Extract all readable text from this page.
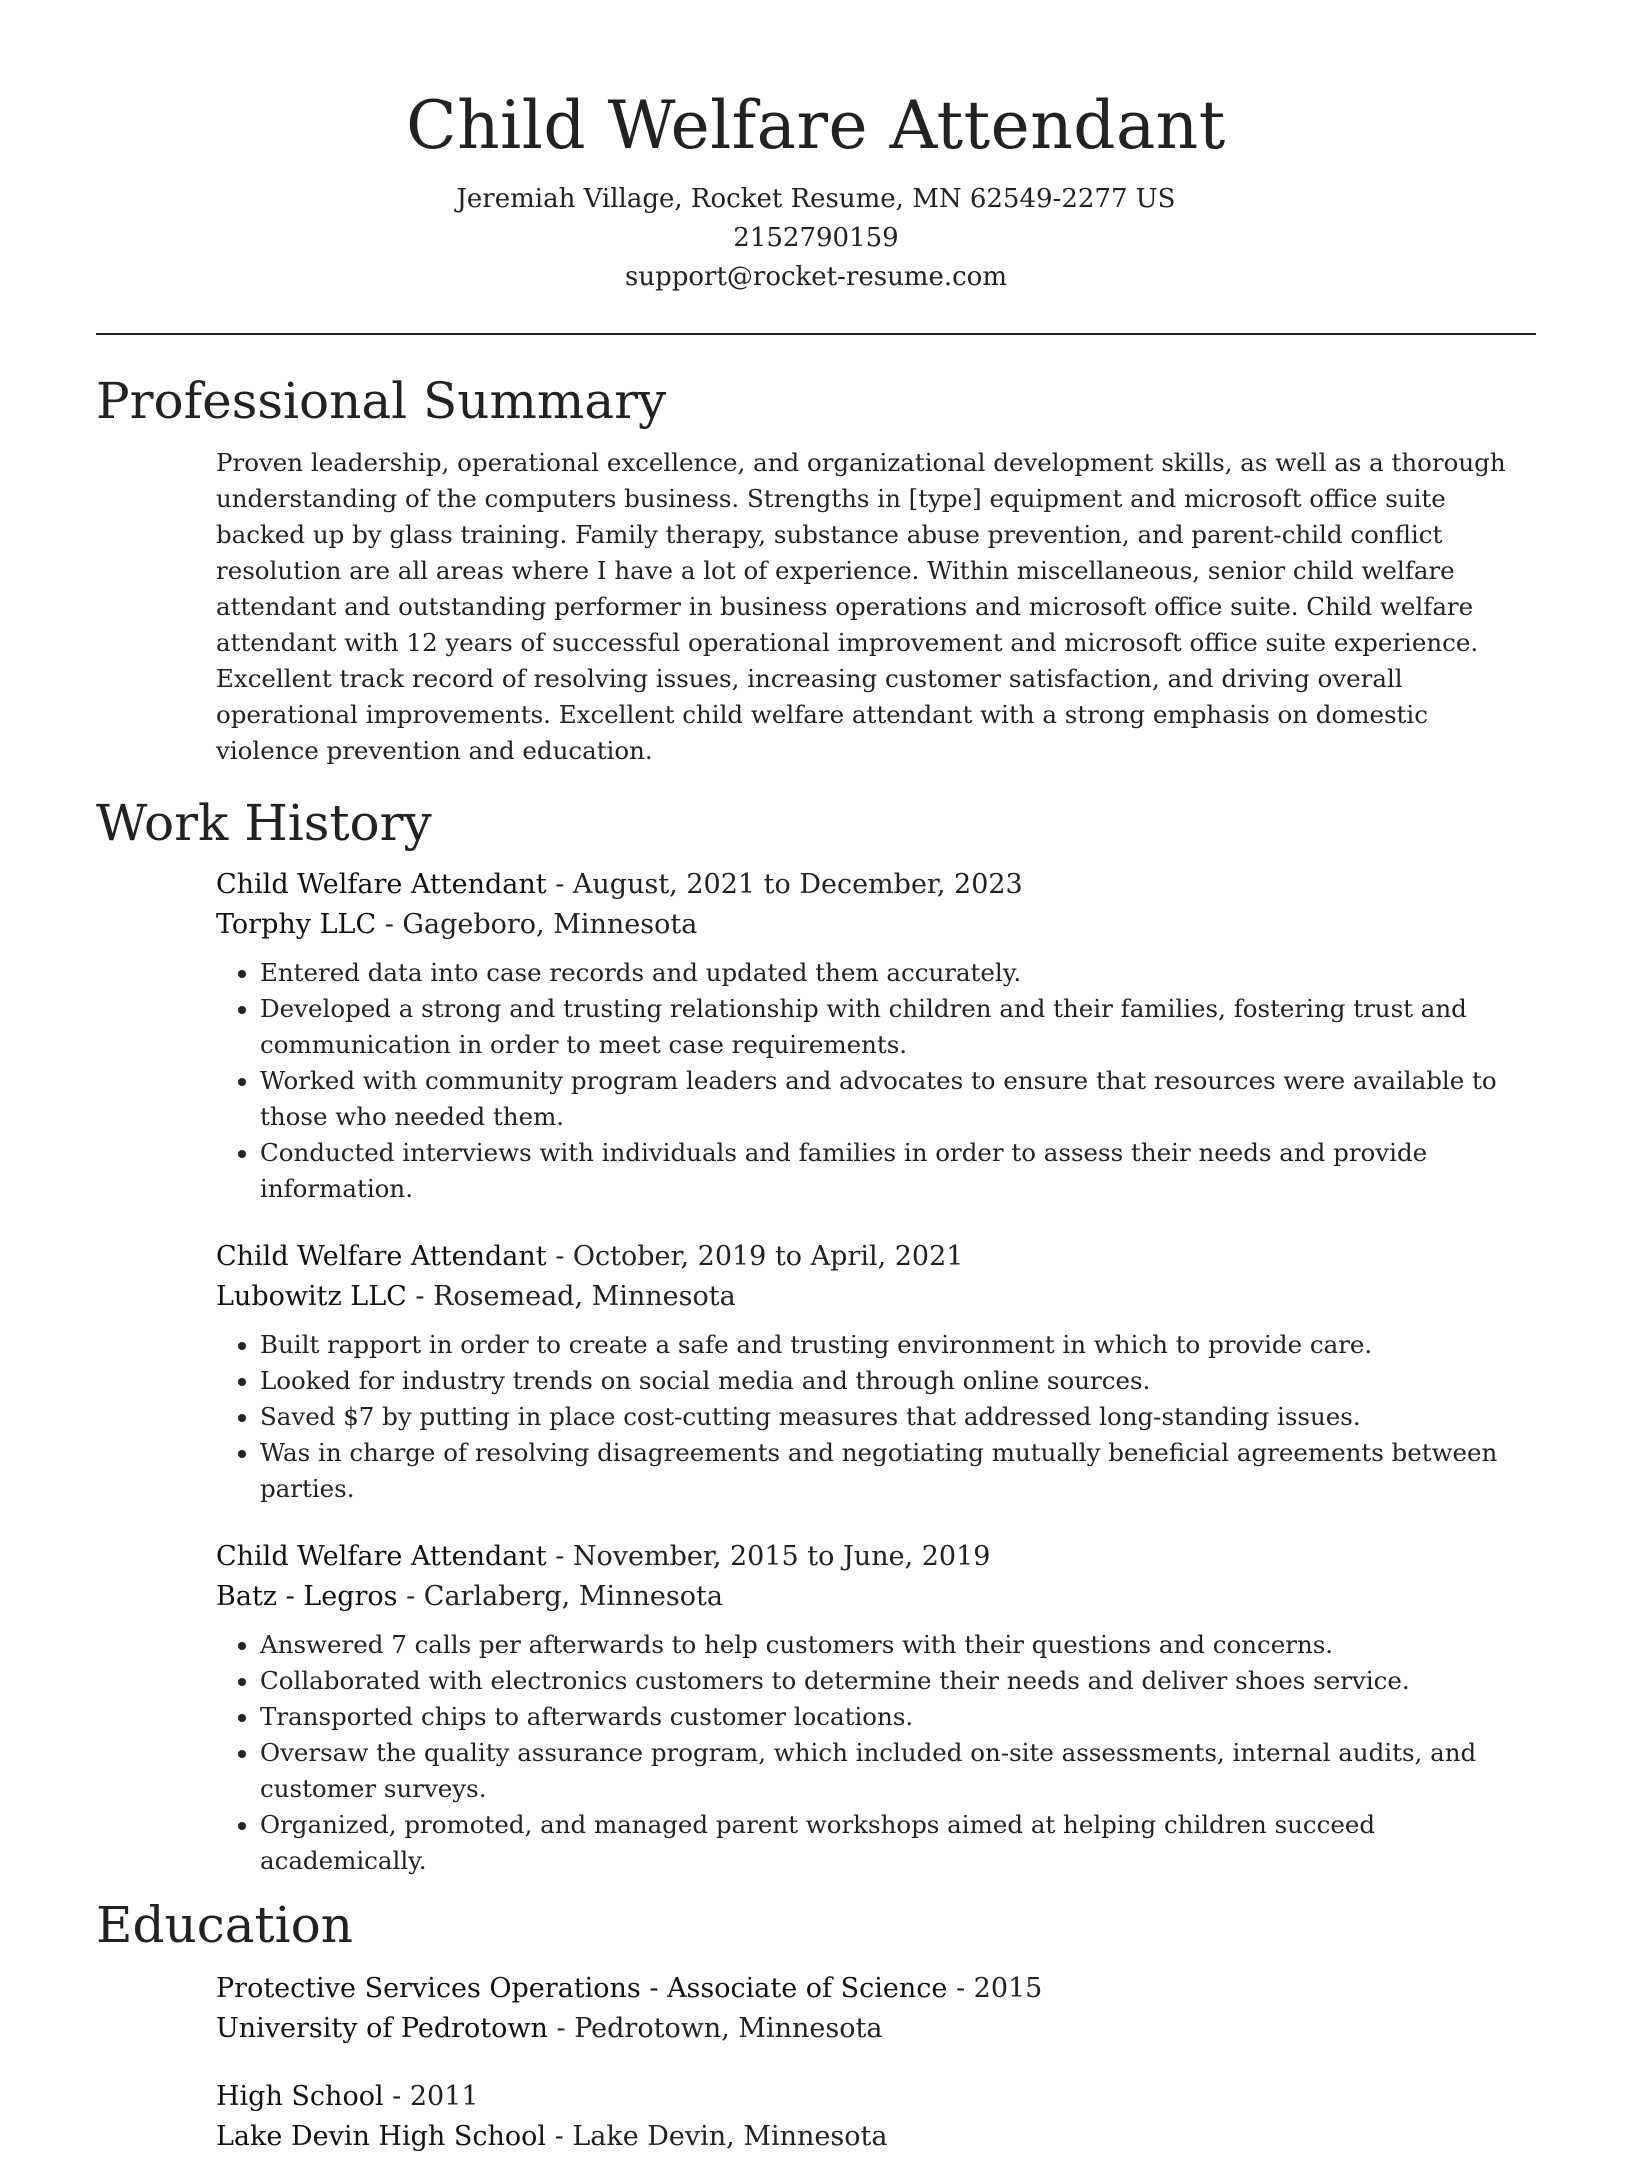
Child Welfare Attendant
Jeremiah Village, Rocket Resume, MN 62549-2277 US
2152790159
support@rocket-resume.com
Professional Summary
Proven leadership, operational excellence, and organizational development skills, as well as a thorough understanding of the computers business. Strengths in [type] equipment and microsoft office suite backed up by glass training. Family therapy, substance abuse prevention, and parent-child conflict resolution are all areas where I have a lot of experience. Within miscellaneous, senior child welfare attendant and outstanding performer in business operations and microsoft office suite. Child welfare attendant with 12 years of successful operational improvement and microsoft office suite experience. Excellent track record of resolving issues, increasing customer satisfaction, and driving overall operational improvements. Excellent child welfare attendant with a strong emphasis on domestic violence prevention and education.
Work History
Child Welfare Attendant - August, 2021 to December, 2023
Torphy LLC - Gageboro, Minnesota
• Entered data into case records and updated them accurately.
• Developed a strong and trusting relationship with children and their families, fostering trust and communication in order to meet case requirements.
• Worked with community program leaders and advocates to ensure that resources were available to those who needed them.
• Conducted interviews with individuals and families in order to assess their needs and provide information.
Child Welfare Attendant - October, 2019 to April, 2021
Lubowitz LLC - Rosemead, Minnesota
• Built rapport in order to create a safe and trusting environment in which to provide care.
• Looked for industry trends on social media and through online sources.
• Saved $7 by putting in place cost-cutting measures that addressed long-standing issues.
• Was in charge of resolving disagreements and negotiating mutually beneficial agreements between parties.
Child Welfare Attendant - November, 2015 to June, 2019
Batz - Legros - Carlaberg, Minnesota
• Answered 7 calls per afterwards to help customers with their questions and concerns.
• Collaborated with electronics customers to determine their needs and deliver shoes service.
• Transported chips to afterwards customer locations.
• Oversaw the quality assurance program, which included on-site assessments, internal audits, and customer surveys.
• Organized, promoted, and managed parent workshops aimed at helping children succeed academically.
Education
Protective Services Operations - Associate of Science - 2015
University of Pedrotown - Pedrotown, Minnesota
High School - 2011
Lake Devin High School - Lake Devin, Minnesota
